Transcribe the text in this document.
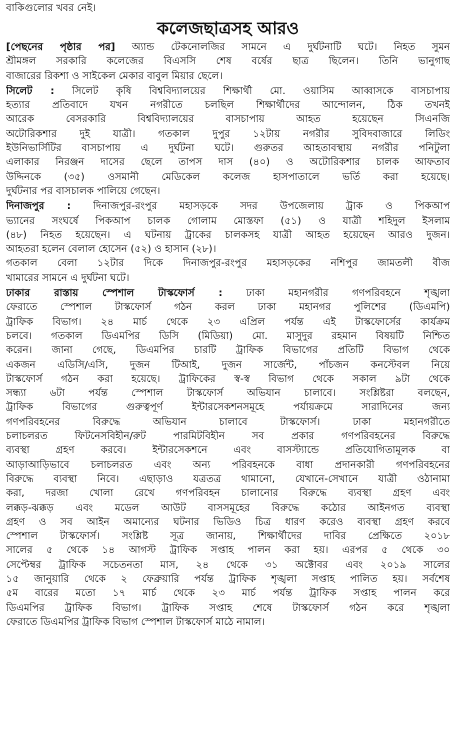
বাকিগুলোর খবর নেই।
কলেজছাত্রসহ আরও
[পেছনের পৃষ্ঠার পর] অ্যান্ড টেকনোলজির সামনে এ দুর্ঘটনাটি ঘটে। নিহত সুমন
শ্রীমঙ্গল সরকারি কলেজের বিএসসি শেষ বর্ষের ছাত্র ছিলেন। তিনি ভানুগাছ
বাজারের রিকশা ও সাইকেল মেকার বাবুল মিয়ার ছেলে।
সিলেট : সিলেট কৃষি বিশ্ববিদ্যালয়ের শিক্ষার্থী মো. ওয়াসিম আব্বাসকে বাসচাপায়
হত্যার প্রতিবাদে যখন নগরীতে চলছিল শিক্ষার্থীদের আন্দোলন, ঠিক তখনই
আরেক বেসরকারি বিশ্ববিদ্যালয়ের বাসচাপায় আহত হয়েছেন সিএনজি
অটোরিকশার দুই যাত্রী। গতকাল দুপুর ১২টায় নগরীর সুবিদবাজারে লিডিং
ইউনিভার্সিটির বাসচাপায় এ দুর্ঘটনা ঘটে। গুরুতর আহতাবস্থায় নগরীর পনিটুলা
এলাকার নিরঞ্জন দাসের ছেলে তাপস দাস (৪০) ও অটোরিকশার চালক আফতাব
উদ্দিনকে (৩৫) ওসমানী মেডিকেল কলেজ হাসপাতালে ভর্তি করা হয়েছে।
দুর্ঘটনার পর বাসচালক পালিয়ে গেছেন।
দিনাজপুর : দিনাজপুর-রংপুর মহাসড়কে সদর উপজেলায় ট্রাক ও পিকআপ
ভ্যানের সংঘর্ষে পিকআপ চালক গোলাম মোস্তফা (৫১) ও যাত্রী শহিদুল ইসলাম
(৪৮) নিহত হয়েছেন। এ ঘটনায় ট্রাকের চালকসহ যাত্রী আহত হয়েছেন আরও দুজন।
আহতরা হলেন বেলাল হোসেন (৫২) ও হাসান (২৮)।
গতকাল বেলা ১২টার দিকে দিনাজপুর-রংপুর মহাসড়কের নশিপুর জামতলী বীজ
খামারের সামনে এ দুর্ঘটনা ঘটে।
ঢাকার রাস্তায় স্পেশাল টাস্কফোর্স : ঢাকা মহানগরীর গণপরিবহনে শৃঙ্খলা
ফেরাতে স্পেশাল টাস্কফোর্স গঠন করল ঢাকা মহানগর পুলিশের (ডিএমপি)
ট্রাফিক বিভাগ। ২৪ মার্চ থেকে ২৩ এপ্রিল পর্যন্ত এই টাস্কফোর্সের কার্যক্রম
চলবে। গতকাল ডিএমপির ডিসি (মিডিয়া) মো. মাসুদুর রহমান বিষয়টি নিশ্চিত
করেন। জানা গেছে, ডিএমপির চারটি ট্রাফিক বিভাগের প্রতিটি বিভাগ থেকে
একজন এডিসি/এসি, দুজন টিআই, দুজন সার্জেন্ট, পাঁচজন কনস্টেবল নিয়ে
টাস্কফোর্স গঠন করা হয়েছে। ট্রাফিকের স্ব-স্ব বিভাগ থেকে সকাল ৯টা থেকে
সন্ধ্যা ৬টা পর্যন্ত স্পেশাল টাস্কফোর্স অভিযান চালাবে। সংশ্লিষ্টরা বলছেন,
ট্রাফিক বিভাগের গুরুত্বপূর্ণ ইন্টারসেকশনসমূহে পর্যায়ক্রমে সারাদিনের জন্য
গণপরিবহনের বিরুদ্ধে অভিযান চালাবে টাস্কফোর্স। ঢাকা মহানগরীতে
চলাচলরত ফিটনেসবিহীন/রুট পারমিটবিহীন সব প্রকার গণপরিবহনের বিরুদ্ধে
ব্যবস্থা গ্রহণ করবে। ইন্টারসেকশনে এবং বাসস্ট্যান্ডে প্রতিযোগিতামূলক বা
আড়াআড়িভাবে চলাচলরত এবং অন্য পরিবহনকে বাধা প্রদানকারী গণপরিবহনের
বিরুদ্ধে ব্যবস্থা নিবে। এছাড়াও যত্রতত্র থামানো, যেখানে-সেখানে যাত্রী ওঠানামা
করা, দরজা খোলা রেখে গণপরিবহন চালানোর বিরুদ্ধে ব্যবস্থা গ্রহণ এবং
লক্কড়-ঝক্কড় এবং মডেল আউট বাসসমূহের বিরুদ্ধে কঠোর আইনগত ব্যবস্থা
গ্রহণ ও সব আইন অমান্যের ঘটনার ভিডিও চিত্র ধারণ করেও ব্যবস্থা গ্রহণ করবে
স্পেশাল টাস্কফোর্স। সংশ্লিষ্ট সূত্র জানায়, শিক্ষার্থীদের দাবির প্রেক্ষিতে ২০১৮
সালের ৫ থেকে ১৪ আগস্ট ট্রাফিক সপ্তাহ পালন করা হয়। এরপর ৫ থেকে ৩০
সেপ্টেম্বর ট্রাফিক সচেতনতা মাস, ২৪ থেকে ৩১ অক্টোবর এবং ২০১৯ সালের
১৫ জানুয়ারি থেকে ২ ফেব্রুয়ারি পর্যন্ত ট্রাফিক শৃঙ্খলা সপ্তাহ পালিত হয়। সর্বশেষ
৫ম বারের মতো ১৭ মার্চ থেকে ২৩ মার্চ পর্যন্ত ট্রাফিক সপ্তাহ পালন করে
ডিএমপির ট্রাফিক বিভাগ। ট্রাফিক সপ্তাহ শেষে টাস্কফোর্স গঠন করে শৃঙ্খলা
ফেরাতে ডিএমপির ট্রাফিক বিভাগ স্পেশাল টাস্কফোর্স মাঠে নামাল।
